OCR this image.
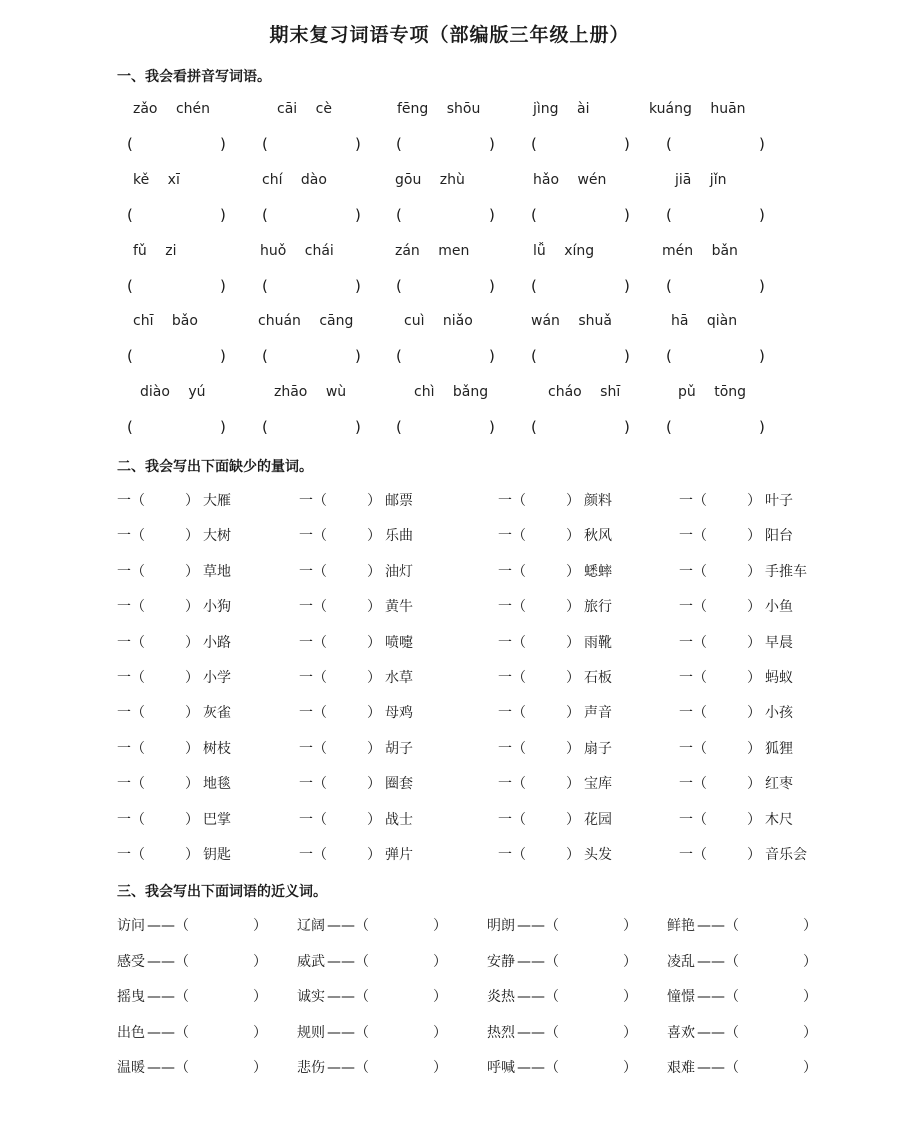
期末复习词语专项（部编版三年级上册）
一、我会看拼音写词语。
zǎo chén
(	)
cāi cè
(	)
fēng shōu
(	)
jìng ài
(	)
kuáng huān
(	)
kě xī
(	)
chí dào
(	)
gōu zhù
(	)
hǎo wén
(	)
jiā jǐn
(	)
fǔ zi
(	)
huǒ chái
(	)
zán men
(	)
lǚ xíng
(	)
mén bǎn
(	)
chī bǎo
(	)
chuán cāng
(	)
cuì niǎo
(	)
wán shuǎ
(	)
hā qiàn
(	)
diào yú
(	)
zhāo wù
(	)
chì bǎng
(	)
cháo shī
(	)
pǔ tōng
(	)
二、我会写出下面缺少的量词。
一（	） 大雁	一（	） 邮票	一（	） 颜料	一（	） 叶子
一（	） 大树	一（	） 乐曲	一（	） 秋风	一（	） 阳台
一（	） 草地	一（	） 油灯	一（	） 蟋蟀	一（	） 手推车
一（	） 小狗	一（	） 黄牛	一（	） 旅行	一（	） 小鱼
一（	） 小路	一（	） 喷嚏	一（	） 雨靴	一（	） 早晨
一（	） 小学	一（	） 水草	一（	） 石板	一（	） 蚂蚁
一（	） 灰雀	一（	） 母鸡	一（	） 声音	一（	） 小孩
一（	） 树枝	一（	） 胡子	一（	） 扇子	一（	） 狐狸
一（	） 地毯	一（	） 圈套	一（	） 宝库	一（	） 红枣
一（	） 巴掌	一（	） 战士	一（	） 花园	一（	） 木尺
一（	） 钥匙	一（	） 弹片	一（	） 头发	一（	） 音乐会
三、我会写出下面词语的近义词。
访问 ——（	） 辽阔 ——（	）	明朗 ——（	） 鲜艳 ——（	）
感受 ——（	） 威武 ——（	）	安静 ——（	） 凌乱 ——（	）
摇曳 ——（	） 诚实 ——（	）	炎热 ——（	） 憧憬 ——（	）
出色 ——（	） 规则 ——（	）	热烈 ——（	） 喜欢 ——（	）
温暖 ——（	） 悲伤 ——（	）	呼喊 ——（	） 艰难 ——（	）
